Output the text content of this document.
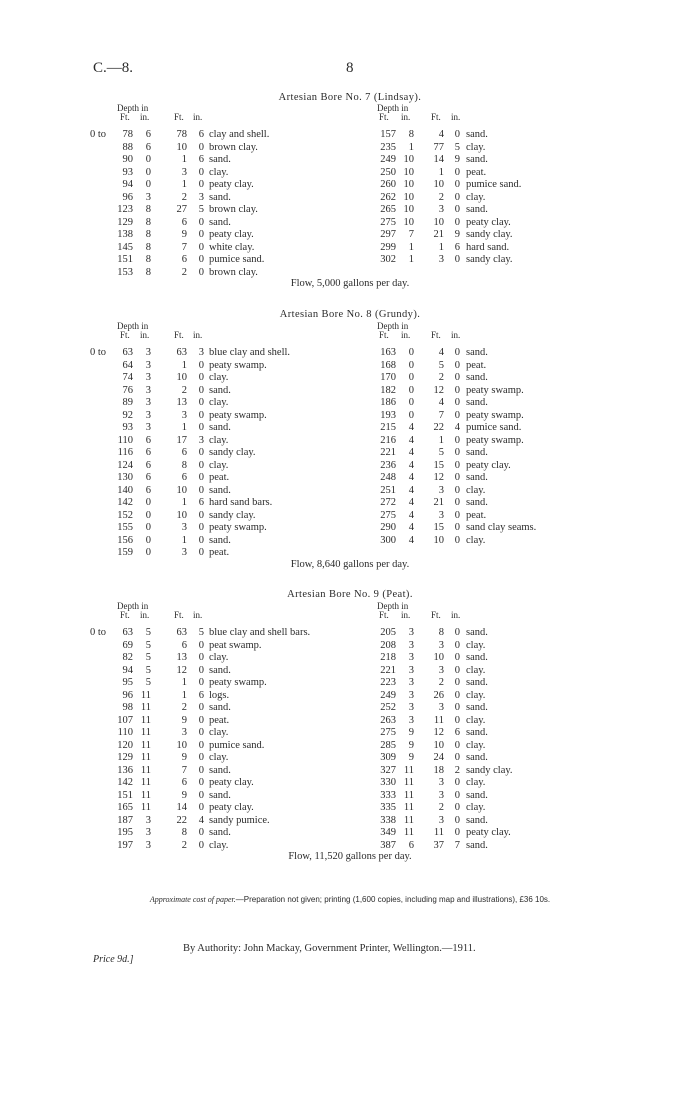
C.—8.	8
Artesian Bore No. 7 (Lindsay).
Depth in
Ft. in.	Ft. in.
0 to	78	6	78	6 clay and shell.
88	6	10	0 brown clay.
90	0	1	6 sand.
93	0	3	0 clay.
94	0	1	0 peaty clay.
96	3	2	3 sand.
123	8	27	5 brown clay.
129	8	6	0 sand.
138	8	9	0 peaty clay.
145	8	7	0 white clay.
151	8	6	0 pumice sand.
153	8	2	0 brown clay.
Depth in
Ft. in. Ft. in.
157	8	4	0 sand.
235	1	77	5 clay.
249 10	14	9 sand.
250 10	1	0 peat.
260 10	10	0 pumice sand.
262 10	2	0 clay.
265 10	3	0 sand.
275 10	10	0 peaty clay.
297	7	21	9 sandy clay.
299	1	1	6 hard sand.
302	1	3	0 sandy clay.
Flow, 5,000 gallons per day.
Artesian Bore No. 8 (Grundy).
Depth in
Ft. in.	Ft. in.
0 to	63	3	63	3 blue clay and shell.
64	3	1	0 peaty swamp.
74	3	10	0 clay.
76	3	2	0 sand.
89	3	13	0 clay.
92	3	3	0 peaty swamp.
93	3	1	0 sand.
110	6	17	3 clay.
116	6	6	0 sandy clay.
124	6	8	0 clay.
130	6	6	0 peat.
140	6	10	0 sand.
142	0	1	6 hard sand bars.
152	0	10	0 sandy clay.
155	0	3	0 peaty swamp.
156	0	1	0 sand.
159	0	3	0 peat.
Depth in
Ft. in. Ft. in.
163	0	4	0 sand.
168	0	5	0 peat.
170	0	2	0 sand.
182	0	12	0 peaty swamp.
186	0	4	0 sand.
193	0	7	0 peaty swamp.
215	4	22	4 pumice sand.
216	4	1	0 peaty swamp.
221	4	5	0 sand.
236	4	15	0 peaty clay.
248	4	12	0 sand.
251	4	3	0 clay.
272	4	21	0 sand.
275	4	3	0 peat.
290	4	15	0 sand clay seams.
300	4	10	0 clay.
Flow, 8,640 gallons per day.
Artesian Bore No. 9 (Peat).
Depth in
Ft. in.	Ft. in.
0 to	63	5	63	5 blue clay and shell bars.
69	5	6	0 peat swamp.
82	5	13	0 clay.
94	5	12	0 sand.
95	5	1	0 peaty swamp.
96 11	1	6 logs.
98 11	2	0 sand.
107 11	9	0 peat.
110 11	3	0 clay.
120 11	10	0 pumice sand.
129 11	9	0 clay.
136 11	7	0 sand.
142 11	6	0 peaty clay.
151 11	9	0 sand.
165 11	14	0 peaty clay.
187	3	22	4 sandy pumice.
195	3	8	0 sand.
197	3	2	0 clay.
Depth in
Ft. in. Ft. in.
205	3	8	0 sand.
208	3	3	0 clay.
218	3	10	0 sand.
221	3	3	0 clay.
223	3	2	0 sand.
249	3	26	0 clay.
252	3	3	0 sand.
263	3	11	0 clay.
275	9	12	6 sand.
285	9	10	0 clay.
309	9	24	0 sand.
327 11	18	2 sandy clay.
330 11	3	0 clay.
333 11	3	0 sand.
335 11	2	0 clay.
338 11	3	0 sand.
349 11	11	0 peaty clay.
387	6	37	7 sand.
Flow, 11,520 gallons per day.
Approximate cost of paper.—Preparation not given; printing (1,600 copies, including map and illustrations), £36 10s.
By Authority: John Mackay, Government Printer, Wellington.—1911.
Price 9d.]
